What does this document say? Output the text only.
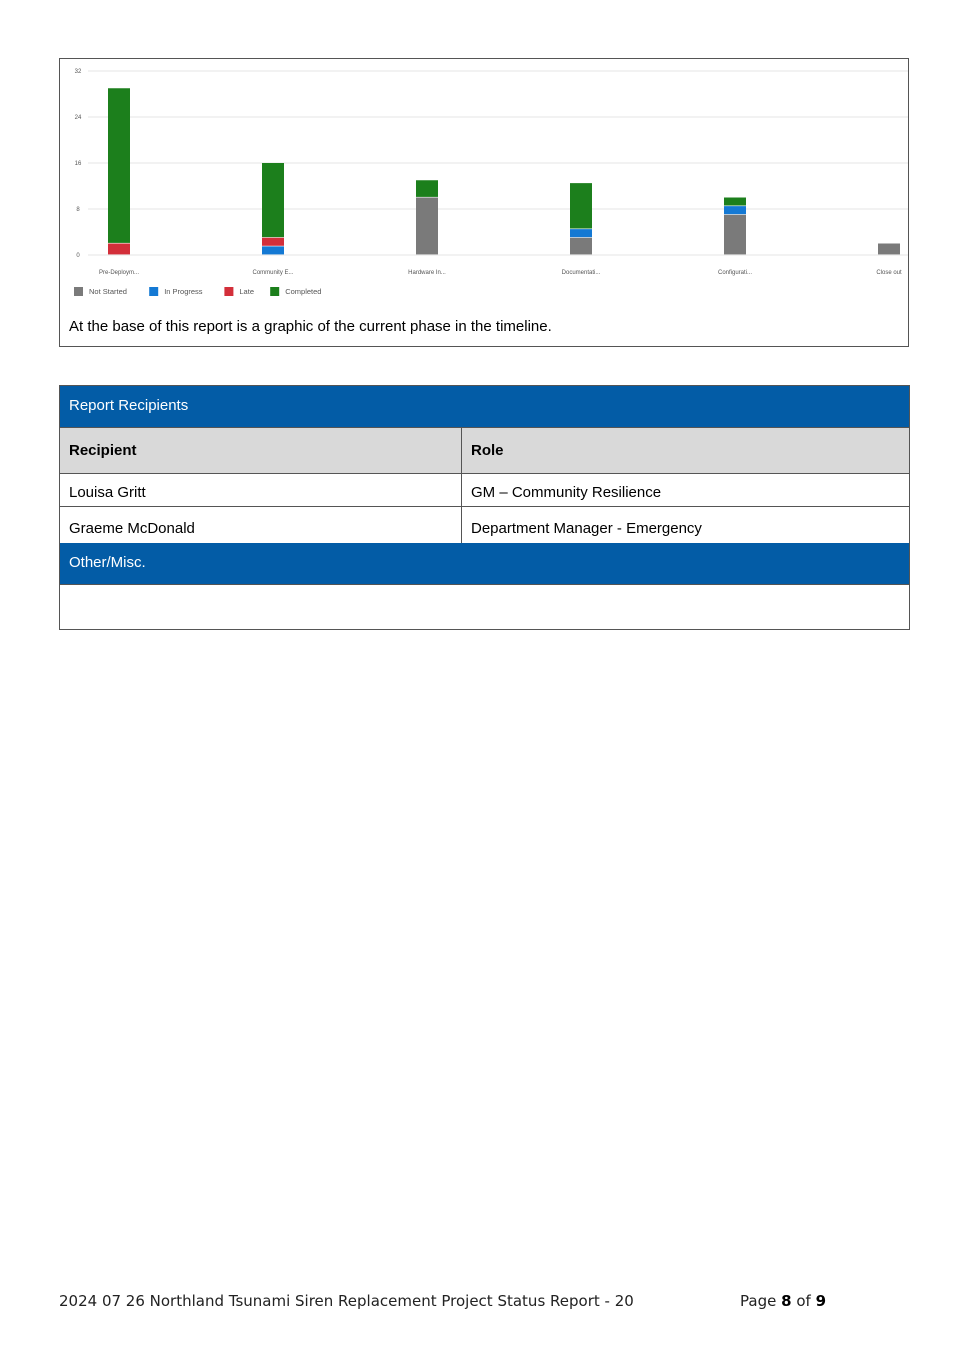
0
8
16
24
32
Pre-Deploym...	Community E...	Hardware In...	Documentati...	Configurati...	Close out
Not Started	In Progress	Late	Completed
At the base of this report is a graphic of the current phase in the timeline.
Report Recipients
Recipient	Role
Louisa Gritt	GM – Community Resilience
Graeme McDonald	Department Manager - Emergency
Other/Misc.
2024 07 26 Northland Tsunami Siren Replacement Project Status Report - 20	Page 8 of 9
